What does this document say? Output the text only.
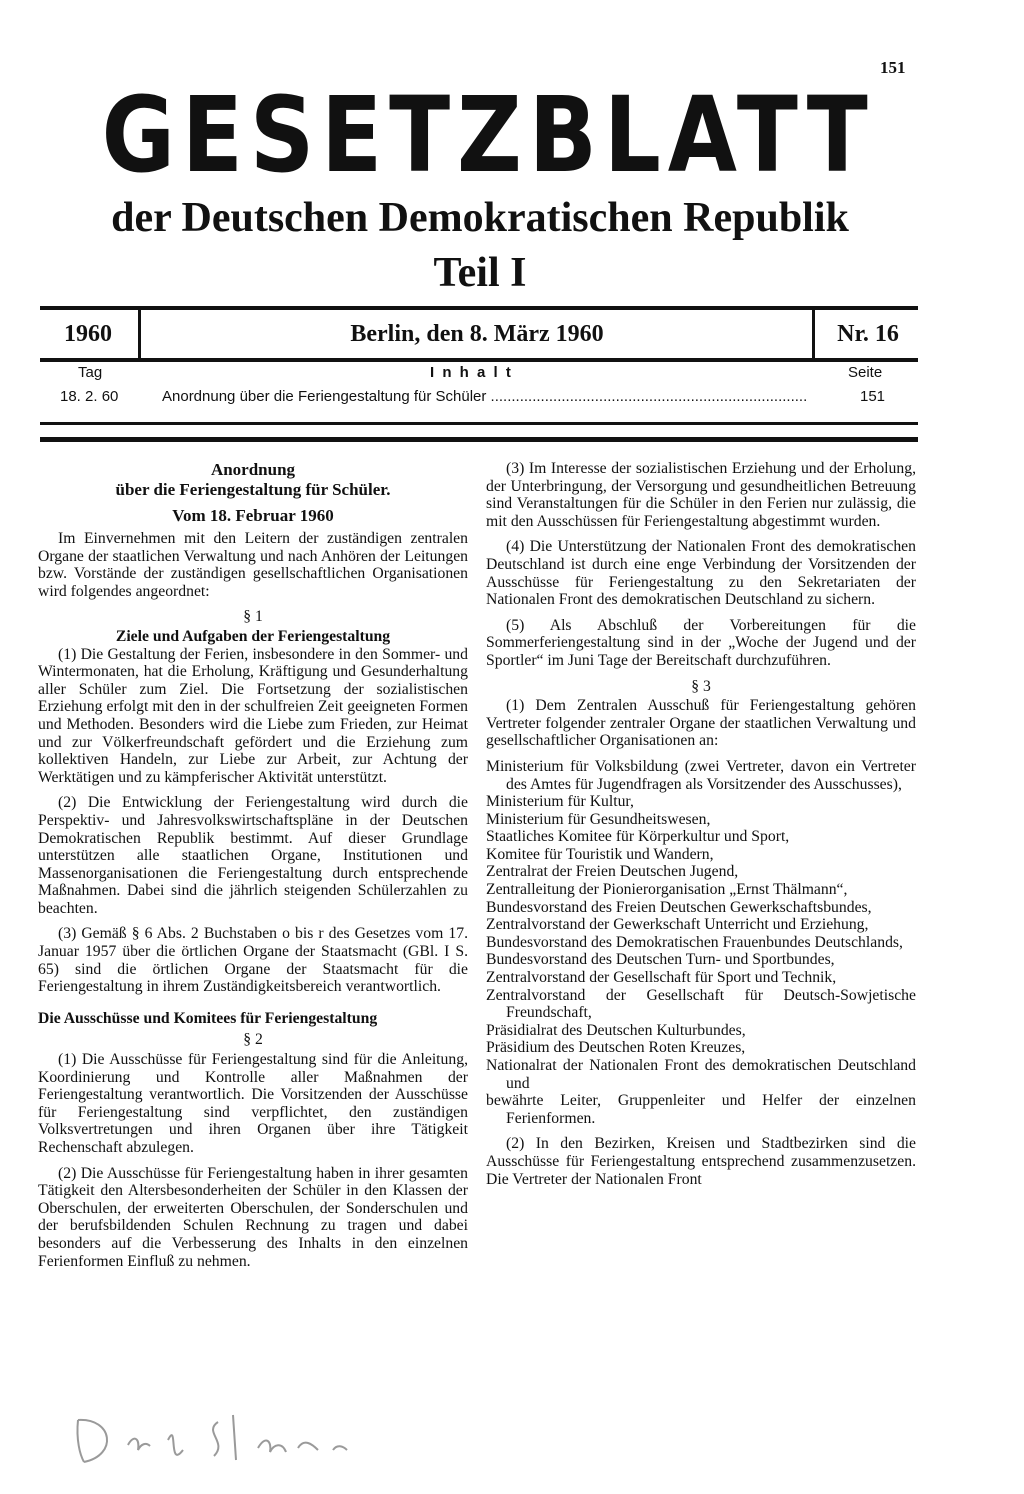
151
GESETZBLATT
der Deutschen Demokratischen Republik
Teil I
1960	Berlin, den 8. März 1960	Nr. 16
Tag	I n h a l t	Seite
18. 2. 60	Anordnung über die Feriengestaltung für Schüler ............................................................................	151
Anordnung
über die Feriengestaltung für Schüler.
Vom 18. Februar 1960

Im Einvernehmen mit den Leitern der zuständigen zentralen Organe der staatlichen Verwaltung und nach Anhören der Leitungen bzw. Vorstände der zuständigen gesellschaftlichen Organisationen wird folgendes angeordnet:

§ 1
Ziele und Aufgaben der Feriengestaltung

(1) Die Gestaltung der Ferien, insbesondere in den Sommer- und Wintermonaten, hat die Erholung, Kräftigung und Gesunderhaltung aller Schüler zum Ziel. Die Fortsetzung der sozialistischen Erziehung erfolgt mit den in der schulfreien Zeit geeigneten Formen und Methoden. Besonders wird die Liebe zum Frieden, zur Heimat und zur Völkerfreundschaft gefördert und die Erziehung zum kollektiven Handeln, zur Liebe zur Arbeit, zur Achtung der Werktätigen und zu kämpferischer Aktivität unterstützt.

(2) Die Entwicklung der Feriengestaltung wird durch die Perspektiv- und Jahresvolkswirtschaftspläne in der Deutschen Demokratischen Republik bestimmt. Auf dieser Grundlage unterstützen alle staatlichen Organe, Institutionen und Massenorganisationen die Feriengestaltung durch entsprechende Maßnahmen. Dabei sind die jährlich steigenden Schülerzahlen zu beachten.

(3) Gemäß § 6 Abs. 2 Buchstaben o bis r des Gesetzes vom 17. Januar 1957 über die örtlichen Organe der Staatsmacht (GBl. I S. 65) sind die örtlichen Organe der Staatsmacht für die Feriengestaltung in ihrem Zuständigkeitsbereich verantwortlich.

Die Ausschüsse und Komitees für Feriengestaltung
§ 2

(1) Die Ausschüsse für Feriengestaltung sind für die Anleitung, Koordinierung und Kontrolle aller Maßnahmen der Feriengestaltung verantwortlich. Die Vorsitzenden der Ausschüsse für Feriengestaltung sind verpflichtet, den zuständigen Volksvertretungen und ihren Organen über ihre Tätigkeit Rechenschaft abzulegen.

(2) Die Ausschüsse für Feriengestaltung haben in ihrer gesamten Tätigkeit den Altersbesonderheiten der Schüler in den Klassen der Oberschulen, der erweiterten Oberschulen, der Sonderschulen und der berufsbildenden Schulen Rechnung zu tragen und dabei besonders auf die Verbesserung des Inhalts in den einzelnen Ferienformen Einfluß zu nehmen.

(3) Im Interesse der sozialistischen Erziehung und der Erholung, der Unterbringung, der Versorgung und gesundheitlichen Betreuung sind Veranstaltungen für die Schüler in den Ferien nur zulässig, die mit den Ausschüssen für Feriengestaltung abgestimmt wurden.

(4) Die Unterstützung der Nationalen Front des demokratischen Deutschland ist durch eine enge Verbindung der Vorsitzenden der Ausschüsse für Feriengestaltung zu den Sekretariaten der Nationalen Front des demokratischen Deutschland zu sichern.

(5) Als Abschluß der Vorbereitungen für die Sommerferiengestaltung sind in der „Woche der Jugend und der Sportler“ im Juni Tage der Bereitschaft durchzuführen.

§ 3

(1) Dem Zentralen Ausschuß für Feriengestaltung gehören Vertreter folgender zentraler Organe der staatlichen Verwaltung und gesellschaftlicher Organisationen an:

Ministerium für Volksbildung (zwei Vertreter, davon ein Vertreter des Amtes für Jugendfragen als Vorsitzender des Ausschusses),
Ministerium für Kultur,
Ministerium für Gesundheitswesen,
Staatliches Komitee für Körperkultur und Sport,
Komitee für Touristik und Wandern,
Zentralrat der Freien Deutschen Jugend,
Zentralleitung der Pionierorganisation „Ernst Thälmann“,
Bundesvorstand des Freien Deutschen Gewerkschaftsbundes,
Zentralvorstand der Gewerkschaft Unterricht und Erziehung,
Bundesvorstand des Demokratischen Frauenbundes Deutschlands,
Bundesvorstand des Deutschen Turn- und Sportbundes,
Zentralvorstand der Gesellschaft für Sport und Technik,
Zentralvorstand der Gesellschaft für Deutsch-Sowjetische Freundschaft,
Präsidialrat des Deutschen Kulturbundes,
Präsidium des Deutschen Roten Kreuzes,
Nationalrat der Nationalen Front des demokratischen Deutschland und
bewährte Leiter, Gruppenleiter und Helfer der einzelnen Ferienformen.

(2) In den Bezirken, Kreisen und Stadtbezirken sind die Ausschüsse für Feriengestaltung entsprechend zusammenzusetzen. Die Vertreter der Nationalen Front
